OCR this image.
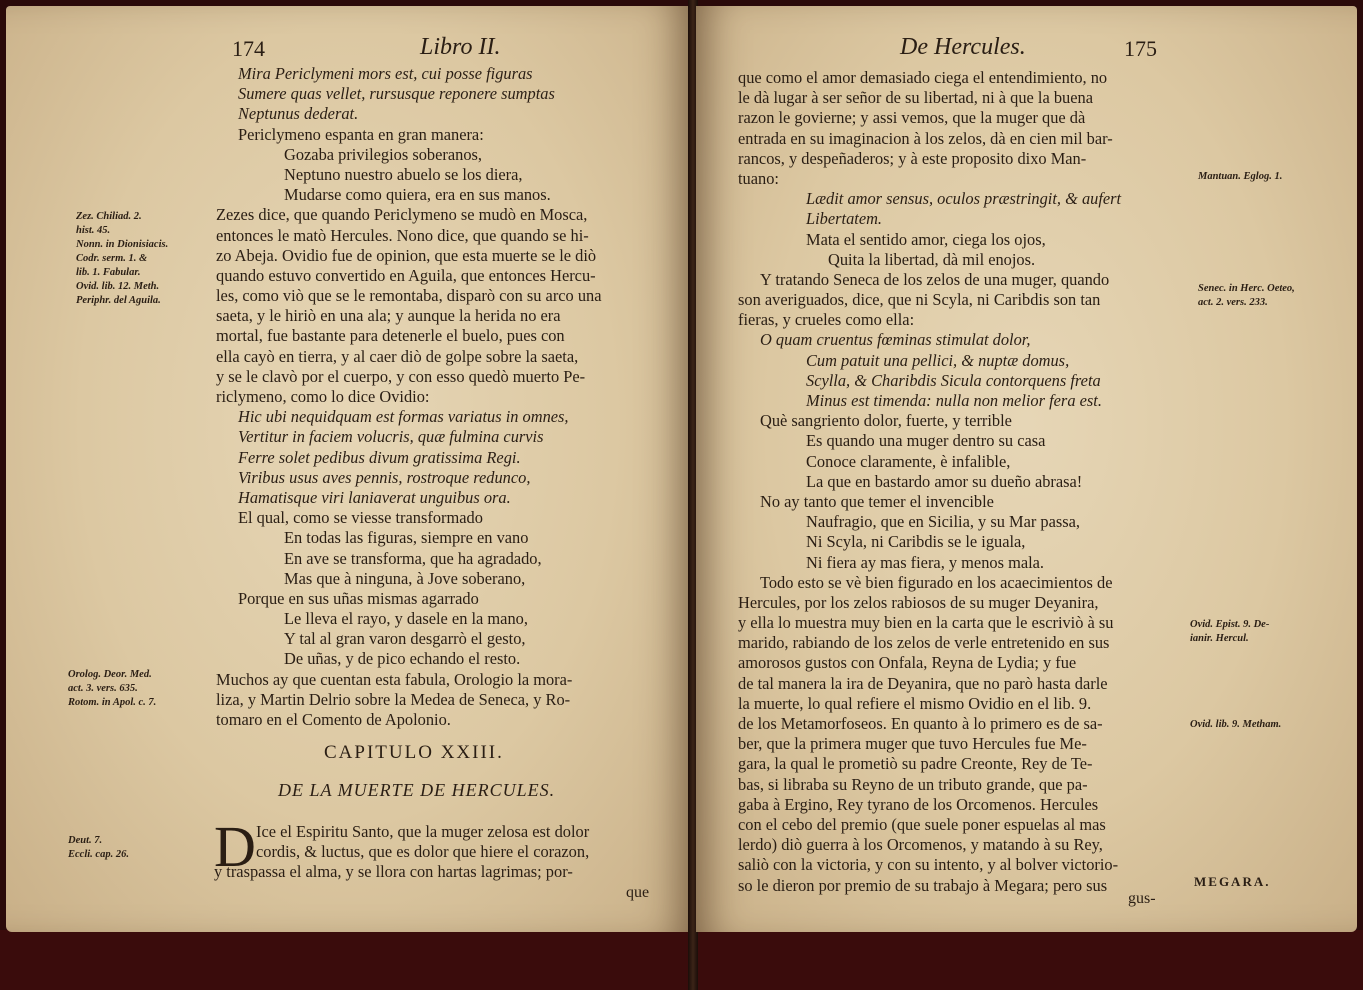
174	Libro II.
Mira Periclymeni mors est, cui posse figuras
Sumere quas vellet, rursusque reponere sumptas
Neptunus dederat.
Periclymeno espanta en gran manera:
Gozaba privilegios soberanos,
Neptuno nuestro abuelo se los diera,
Mudarse como quiera, era en sus manos.
Zezes dice, que quando Periclymeno se mudò en Mosca,
entonces le matò Hercules. Nono dice, que quando se hi-
zo Abeja. Ovidio fue de opinion, que esta muerte se le diò
quando estuvo convertido en Aguila, que entonces Hercu-
les, como viò que se le remontaba, disparò con su arco una
saeta, y le hiriò en una ala; y aunque la herida no era
mortal, fue bastante para detenerle el buelo, pues con
ella cayò en tierra, y al caer diò de golpe sobre la saeta,
y se le clavò por el cuerpo, y con esso quedò muerto Pe-
riclymeno, como lo dice Ovidio:
Hic ubi nequidquam est formas variatus in omnes,
Vertitur in faciem volucris, quæ fulmina curvis
Ferre solet pedibus divum gratissima Regi.
Viribus usus aves pennis, rostroque redunco,
Hamatisque viri laniaverat unguibus ora.
El qual, como se viesse transformado
En todas las figuras, siempre en vano
En ave se transforma, que ha agradado,
Mas que à ninguna, à Jove soberano,
Porque en sus uñas mismas agarrado
Le lleva el rayo, y dasele en la mano,
Y tal al gran varon desgarrò el gesto,
De uñas, y de pico echando el resto.
Muchos ay que cuentan esta fabula, Orologio la mora-
liza, y Martin Delrio sobre la Medea de Seneca, y Ro-
tomaro en el Comento de Apolonio.
Zez. Chiliad. 2.
hist. 45.
Nonn. in Dionisiacis.
Codr. serm. 1. &
lib. 1. Fabular.
Ovid. lib. 12. Meth.
Periphr. del Aguila.
Orolog. Deor. Med.
act. 3. vers. 635.
Rotom. in Apol. c. 7.
Deut. 7.
Eccli. cap. 26.
CAPITULO XXIII.
DE LA MUERTE DE HERCULES.
D Ice el Espiritu Santo, que la muger zelosa est dolor
cordis, & luctus, que es dolor que hiere el corazon,
y traspassa el alma, y se llora con hartas lagrimas; por-
que
De Hercules.	175
que como el amor demasiado ciega el entendimiento, no
le dà lugar à ser señor de su libertad, ni à que la buena
razon le govierne; y assi vemos, que la muger que dà
entrada en su imaginacion à los zelos, dà en cien mil bar-
rancos, y despeñaderos; y à este proposito dixo Man-
tuano:
Lædit amor sensus, oculos præstringit, & aufert
Libertatem.
Mata el sentido amor, ciega los ojos,
Quita la libertad, dà mil enojos.
Y tratando Seneca de los zelos de una muger, quando
son averiguados, dice, que ni Scyla, ni Caribdis son tan
fieras, y crueles como ella:
O quam cruentus fœminas stimulat dolor,
Cum patuit una pellici, & nuptæ domus,
Scylla, & Charibdis Sicula contorquens freta
Minus est timenda: nulla non melior fera est.
Què sangriento dolor, fuerte, y terrible
Es quando una muger dentro su casa
Conoce claramente, è infalible,
La que en bastardo amor su dueño abrasa!
No ay tanto que temer el invencible
Naufragio, que en Sicilia, y su Mar passa,
Ni Scyla, ni Caribdis se le iguala,
Ni fiera ay mas fiera, y menos mala.
Todo esto se vè bien figurado en los acaecimientos de
Hercules, por los zelos rabiosos de su muger Deyanira,
y ella lo muestra muy bien en la carta que le escriviò à su
marido, rabiando de los zelos de verle entretenido en sus
amorosos gustos con Onfala, Reyna de Lydia; y fue
de tal manera la ira de Deyanira, que no parò hasta darle
la muerte, lo qual refiere el mismo Ovidio en el lib. 9.
de los Metamorfoseos. En quanto à lo primero es de sa-
ber, que la primera muger que tuvo Hercules fue Me-
gara, la qual le prometiò su padre Creonte, Rey de Te-
bas, si libraba su Reyno de un tributo grande, que pa-
gaba à Ergino, Rey tyrano de los Orcomenos. Hercules
con el cebo del premio (que suele poner espuelas al mas
lerdo) diò guerra à los Orcomenos, y matando à su Rey,
saliò con la victoria, y con su intento, y al bolver victorio-
so le dieron por premio de su trabajo à Megara; pero sus
gus-
Mantuan. Eglog. 1.
Senec. in Herc. Oeteo,
act. 2. vers. 233.
Ovid. Epist. 9. De-
ianir. Hercul.
Ovid. lib. 9. Metham.
MEGARA.
